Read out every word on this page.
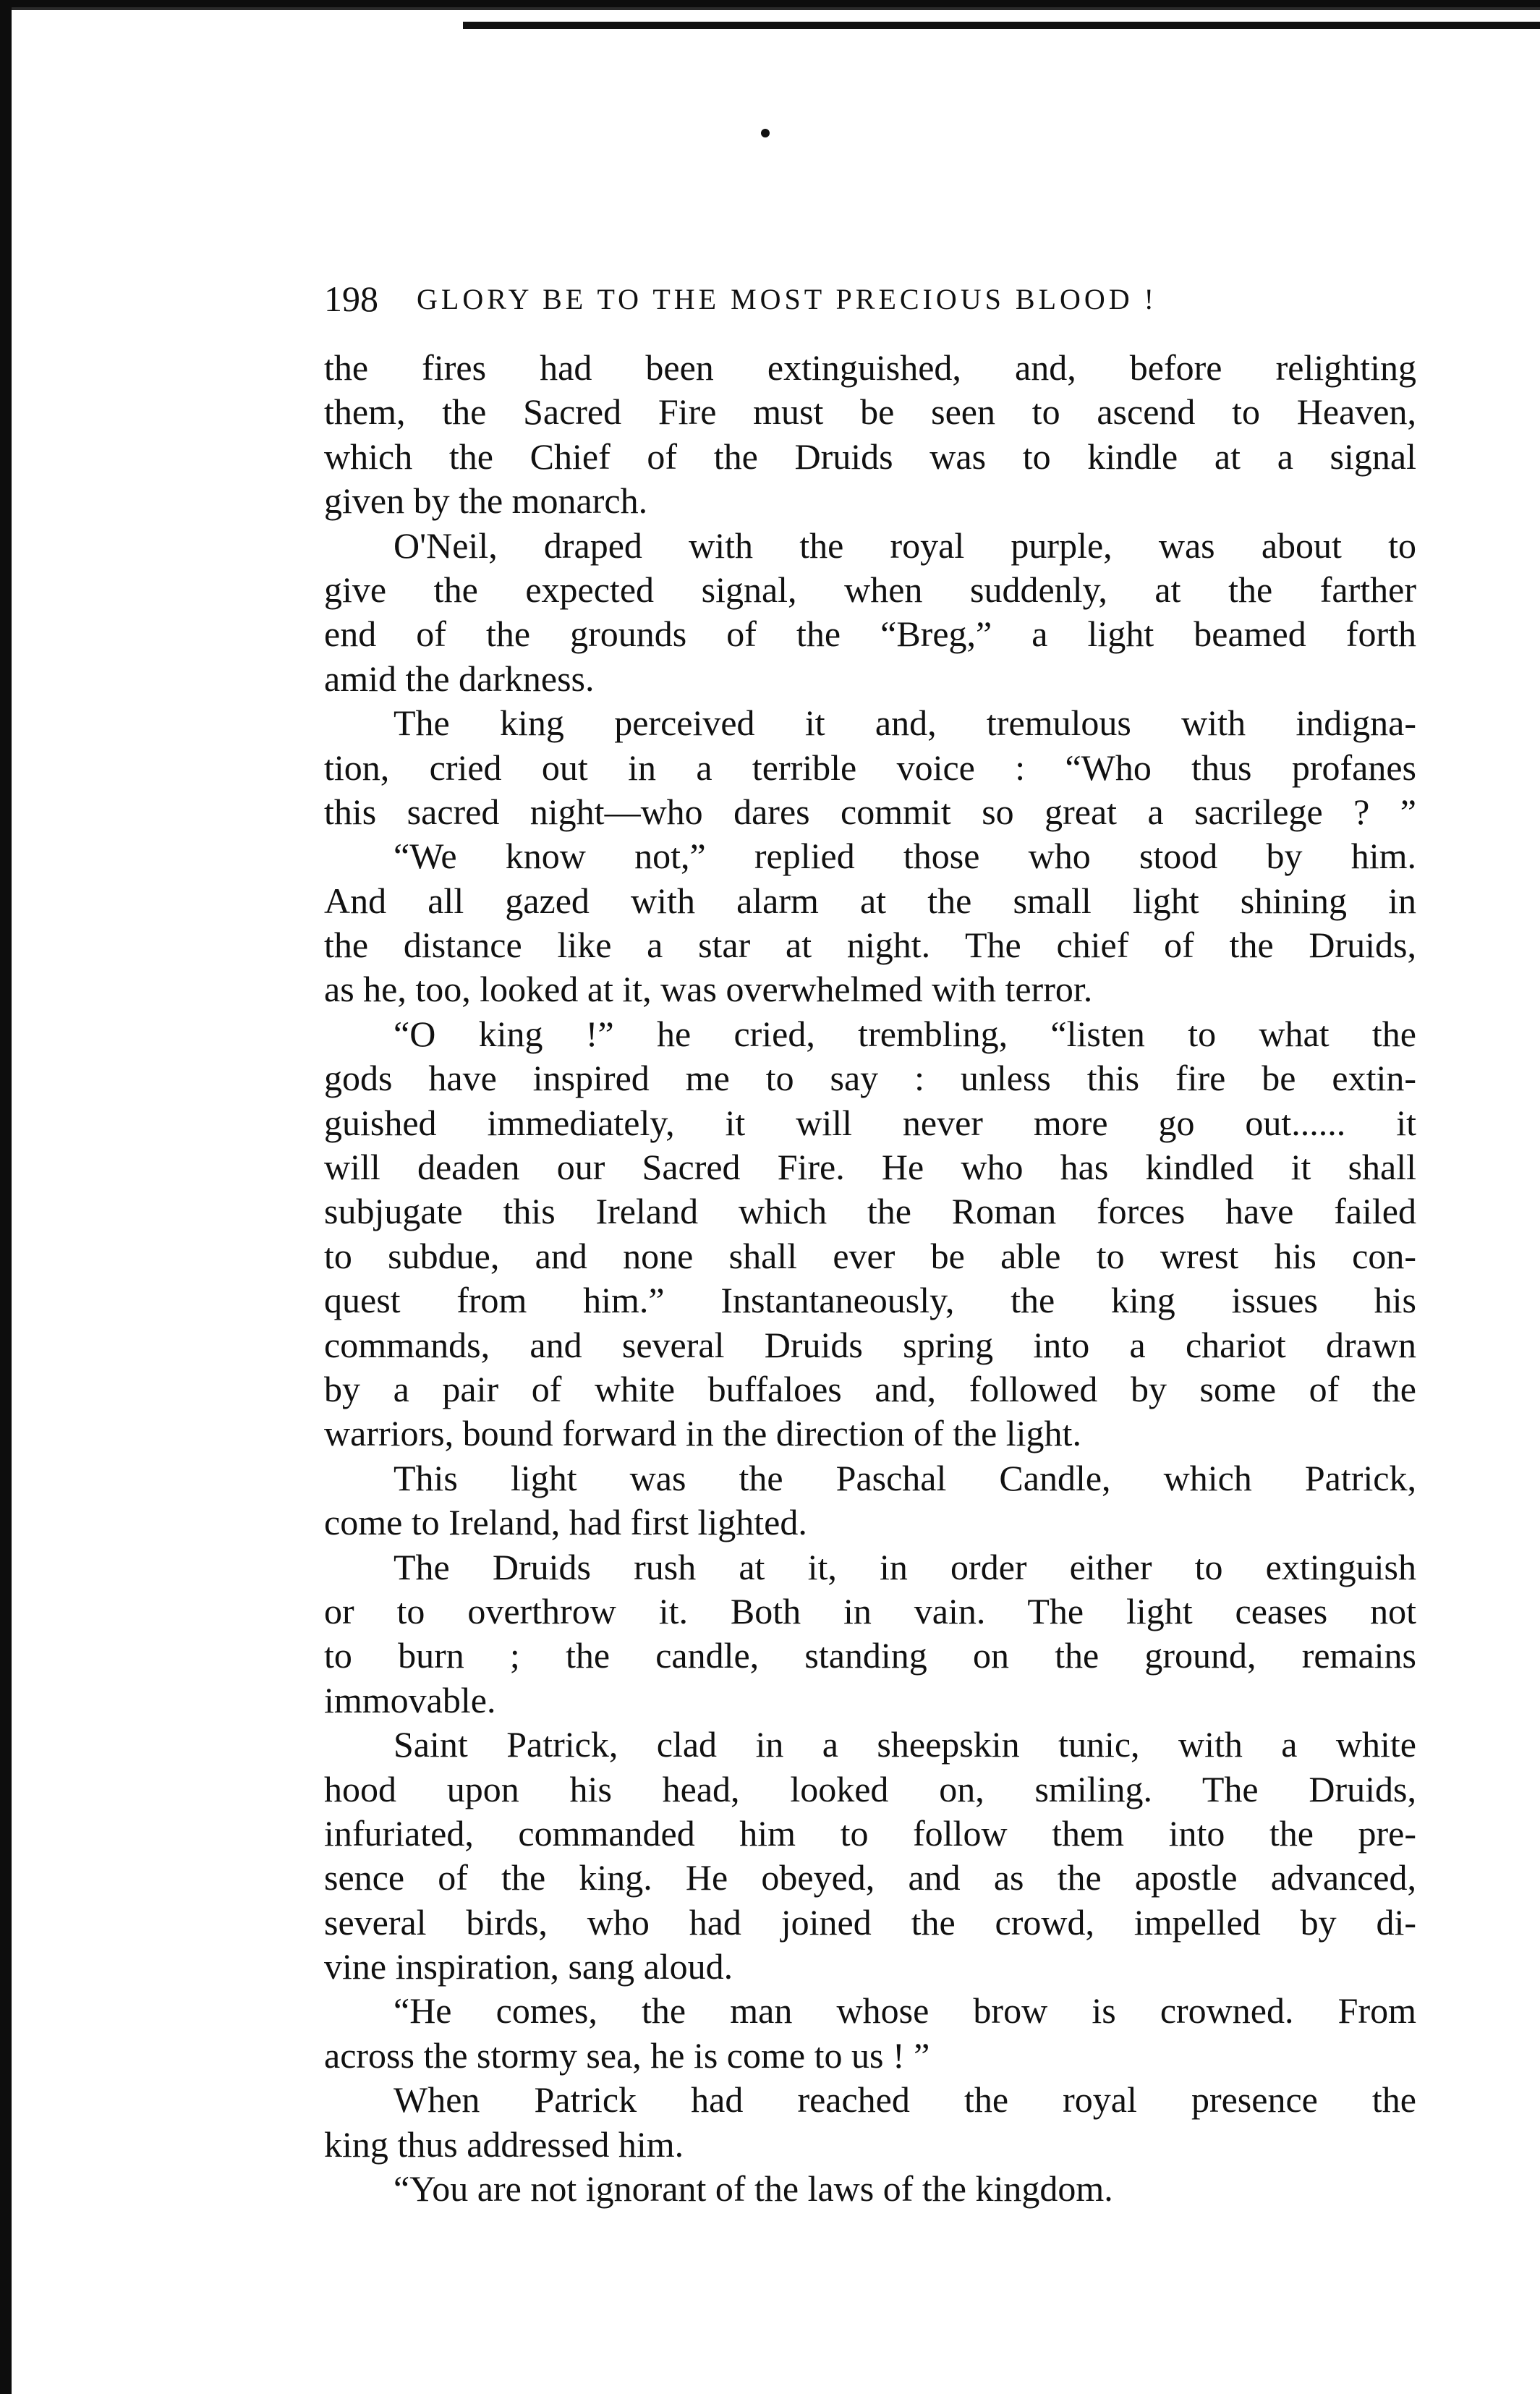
198 GLORY BE TO THE MOST PRECIOUS BLOOD !
the fires had been extinguished, and, before relighting
them, the Sacred Fire must be seen to ascend to Heaven,
which the Chief of the Druids was to kindle at a signal
given by the monarch.
O'Neil, draped with the royal purple, was about to
give the expected signal, when suddenly, at the farther
end of the grounds of the “Breg,” a light beamed forth
amid the darkness.
The king perceived it and, tremulous with indigna-
tion, cried out in a terrible voice : “Who thus profanes
this sacred night—who dares commit so great a sacrilege ? ”
“We know not,” replied those who stood by him.
And all gazed with alarm at the small light shining in
the distance like a star at night. The chief of the Druids,
as he, too, looked at it, was overwhelmed with terror.
“O king !” he cried, trembling, “listen to what the
gods have inspired me to say : unless this fire be extin-
guished immediately, it will never more go out...... it
will deaden our Sacred Fire. He who has kindled it shall
subjugate this Ireland which the Roman forces have failed
to subdue, and none shall ever be able to wrest his con-
quest from him.” Instantaneously, the king issues his
commands, and several Druids spring into a chariot drawn
by a pair of white buffaloes and, followed by some of the
warriors, bound forward in the direction of the light.
This light was the Paschal Candle, which Patrick,
come to Ireland, had first lighted.
The Druids rush at it, in order either to extinguish
or to overthrow it. Both in vain. The light ceases not
to burn ; the candle, standing on the ground, remains
immovable.
Saint Patrick, clad in a sheepskin tunic, with a white
hood upon his head, looked on, smiling. The Druids,
infuriated, commanded him to follow them into the pre-
sence of the king. He obeyed, and as the apostle advanced,
several birds, who had joined the crowd, impelled by di-
vine inspiration, sang aloud.
“He comes, the man whose brow is crowned. From
across the stormy sea, he is come to us ! ”
When Patrick had reached the royal presence the
king thus addressed him.
“You are not ignorant of the laws of the kingdom.
